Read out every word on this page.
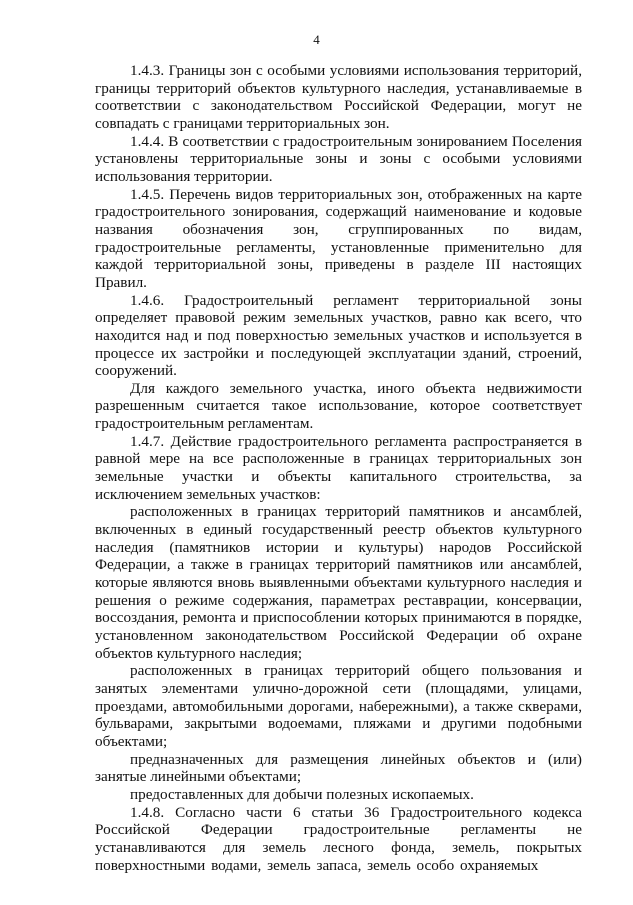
4

1.4.3. Границы зон с особыми условиями использования территорий, границы территорий объектов культурного наследия, устанавливаемые в соответствии с законодательством Российской Федерации, могут не совпадать с границами территориальных зон.

1.4.4. В соответствии с градостроительным зонированием Поселения установлены территориальные зоны и зоны с особыми условиями использования территории.

1.4.5. Перечень видов территориальных зон, отображенных на карте градостроительного зонирования, содержащий наименование и кодовые названия обозначения зон, сгруппированных по видам, градостроительные регламенты, установленные применительно для каждой территориальной зоны, приведены в разделе III настоящих Правил.

1.4.6. Градостроительный регламент территориальной зоны определяет правовой режим земельных участков, равно как всего, что находится над и под поверхностью земельных участков и используется в процессе их застройки и последующей эксплуатации зданий, строений, сооружений.

Для каждого земельного участка, иного объекта недвижимости разрешенным считается такое использование, которое соответствует градостроительным регламентам.

1.4.7. Действие градостроительного регламента распространяется в равной мере на все расположенные в границах территориальных зон земельные участки и объекты капитального строительства, за исключением земельных участков:

расположенных в границах территорий памятников и ансамблей, включенных в единый государственный реестр объектов культурного наследия (памятников истории и культуры) народов Российской Федерации, а также в границах территорий памятников или ансамблей, которые являются вновь выявленными объектами культурного наследия и решения о режиме содержания, параметрах реставрации, консервации, воссоздания, ремонта и приспособлении которых принимаются в порядке, установленном законодательством Российской Федерации об охране объектов культурного наследия;

расположенных в границах территорий общего пользования и занятых элементами улично-дорожной сети (площадями, улицами, проездами, автомобильными дорогами, набережными), а также скверами, бульварами, закрытыми водоемами, пляжами и другими подобными объектами;

предназначенных для размещения линейных объектов и (или) занятые линейными объектами;

предоставленных для добычи полезных ископаемых.

1.4.8. Согласно части 6 статьи 36 Градостроительного кодекса Российской Федерации градостроительные регламенты не устанавливаются для земель лесного фонда, земель, покрытых поверхностными водами, земель запаса, земель особо охраняемых
